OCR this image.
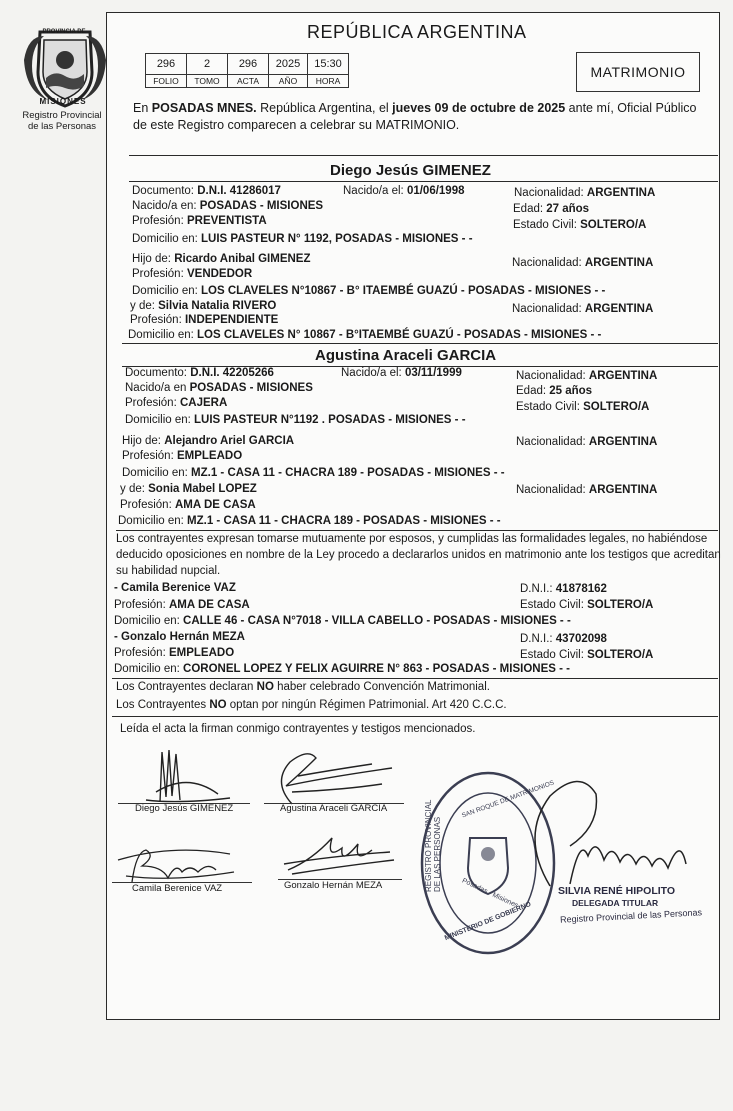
PROVINCIA DE
MISIONES
Registro Provincial
de las Personas
REPÚBLICA ARGENTINA
296	2	296	2025	15:30
FOLIO	TOMO	ACTA	AÑO	HORA
MATRIMONIO
En POSADAS MNES. República Argentina, el jueves 09 de octubre de 2025 ante mí, Oficial Público de este Registro comparecen a celebrar su MATRIMONIO.
Diego Jesús GIMENEZ
Documento: D.N.I. 41286017	Nacido/a el: 01/06/1998	Nacionalidad: ARGENTINA
Nacido/a en: POSADAS - MISIONES	Edad: 27 años
Profesión: PREVENTISTA	Estado Civil: SOLTERO/A
Domicilio en: LUIS PASTEUR N° 1192, POSADAS - MISIONES - -
Hijo de: Ricardo Anibal GIMENEZ	Nacionalidad: ARGENTINA
Profesión: VENDEDOR
Domicilio en: LOS CLAVELES N°10867 - B° ITAEMBÉ GUAZÚ - POSADAS - MISIONES - -
y de: Silvia Natalia RIVERO	Nacionalidad: ARGENTINA
Profesión: INDEPENDIENTE
Domicilio en: LOS CLAVELES N° 10867 - B°ITAEMBÉ GUAZÚ - POSADAS - MISIONES - -
Agustina Araceli GARCIA
Documento: D.N.I. 42205266	Nacido/a el: 03/11/1999	Nacionalidad: ARGENTINA
Nacido/a en POSADAS - MISIONES	Edad: 25 años
Profesión: CAJERA	Estado Civil: SOLTERO/A
Domicilio en: LUIS PASTEUR N°1192 . POSADAS - MISIONES - -
Hijo de: Alejandro Ariel GARCIA	Nacionalidad: ARGENTINA
Profesión: EMPLEADO
Domicilio en: MZ.1 - CASA 11 - CHACRA 189 - POSADAS - MISIONES - -
y de: Sonia Mabel LOPEZ	Nacionalidad: ARGENTINA
Profesión: AMA DE CASA
Domicilio en: MZ.1 - CASA 11 - CHACRA 189 - POSADAS - MISIONES - -
Los contrayentes expresan tomarse mutuamente por esposos, y cumplidas las formalidades legales, no habiéndose deducido oposiciones en nombre de la Ley procedo a declararlos unidos en matrimonio ante los testigos que acreditan su habilidad nupcial.
- Camila Berenice VAZ	D.N.I.: 41878162
Profesión: AMA DE CASA	Estado Civil: SOLTERO/A
Domicilio en: CALLE 46 - CASA N°7018 - VILLA CABELLO - POSADAS - MISIONES - -
- Gonzalo Hernán MEZA	D.N.I.: 43702098
Profesión: EMPLEADO	Estado Civil: SOLTERO/A
Domicilio en: CORONEL LOPEZ Y FELIX AGUIRRE N° 863 - POSADAS - MISIONES - -
Los Contrayentes declaran NO haber celebrado Convención Matrimonial.
Los Contrayentes NO optan por ningún Régimen Patrimonial. Art 420 C.C.C.
Leída el acta la firman conmigo contrayentes y testigos mencionados.
Diego Jesús GIMENEZ	Agustina Araceli GARCIA
Camila Berenice VAZ	Gonzalo Hernán MEZA	REGISTRO PROVINCIAL DE LAS PERSONAS
SAN ROQUE DE MATRIMONIOS
Posadas - Misiones
MINISTERIO DE GOBIERNO
SILVIA RENÉ HIPOLITO
DELEGADA TITULAR
Registro Provincial de las Personas
